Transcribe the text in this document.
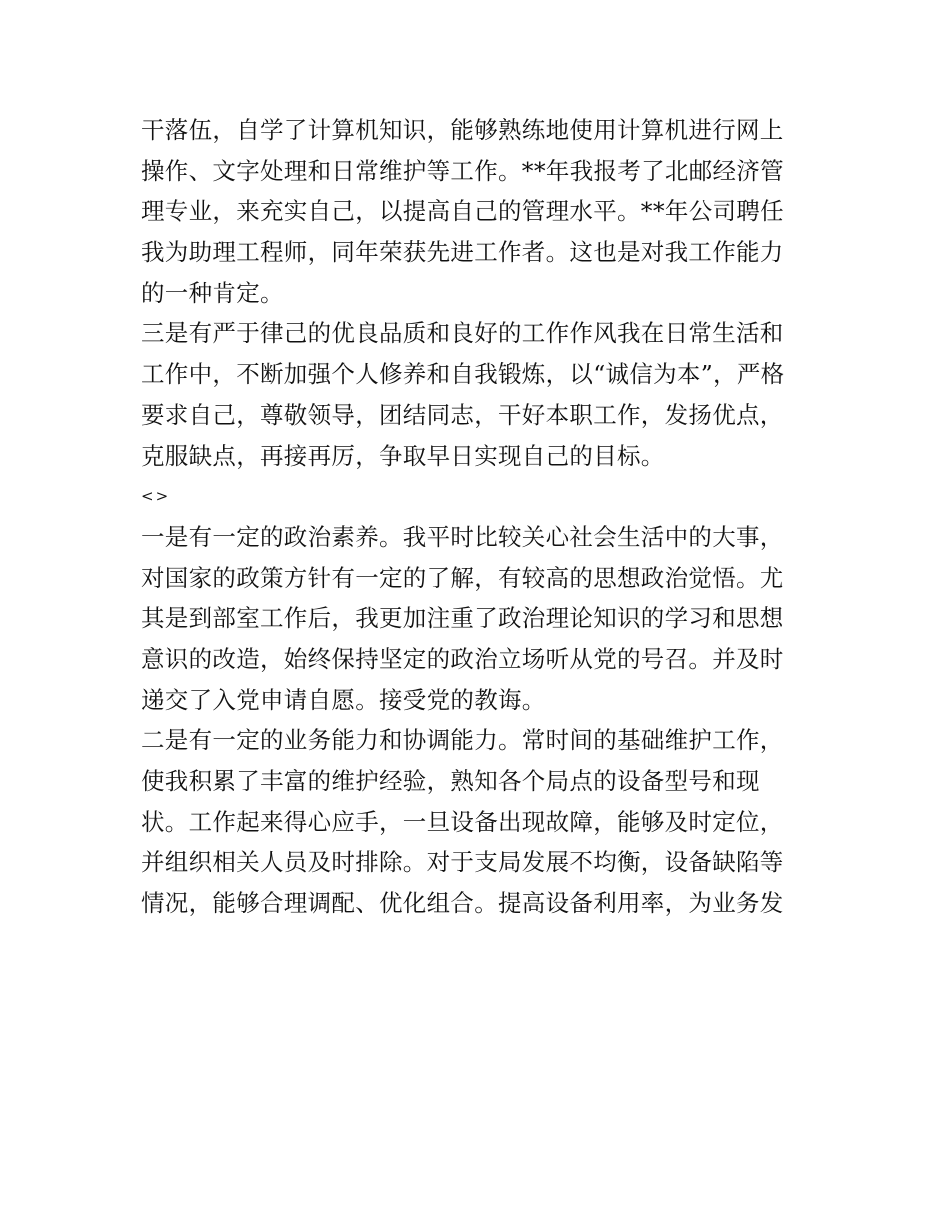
干落伍，自学了计算机知识，能够熟练地使用计算机进行网上
操作、文字处理和日常维护等工作。**年我报考了北邮经济管
理专业，来充实自己，以提高自己的管理水平。**年公司聘任
我为助理工程师，同年荣获先进工作者。这也是对我工作能力
的一种肯定。
三是有严于律己的优良品质和良好的工作作风我在日常生活和
工作中，不断加强个人修养和自我锻炼，以“诚信为本”，严格
要求自己，尊敬领导，团结同志，干好本职工作，发扬优点，
克服缺点，再接再厉，争取早日实现自己的目标。
<>
一是有一定的政治素养。我平时比较关心社会生活中的大事，
对国家的政策方针有一定的了解，有较高的思想政治觉悟。尤
其是到部室工作后，我更加注重了政治理论知识的学习和思想
意识的改造，始终保持坚定的政治立场听从党的号召。并及时
递交了入党申请自愿。接受党的教诲。
二是有一定的业务能力和协调能力。常时间的基础维护工作，
使我积累了丰富的维护经验，熟知各个局点的设备型号和现
状。工作起来得心应手，一旦设备出现故障，能够及时定位，
并组织相关人员及时排除。对于支局发展不均衡，设备缺陷等
情况，能够合理调配、优化组合。提高设备利用率，为业务发
